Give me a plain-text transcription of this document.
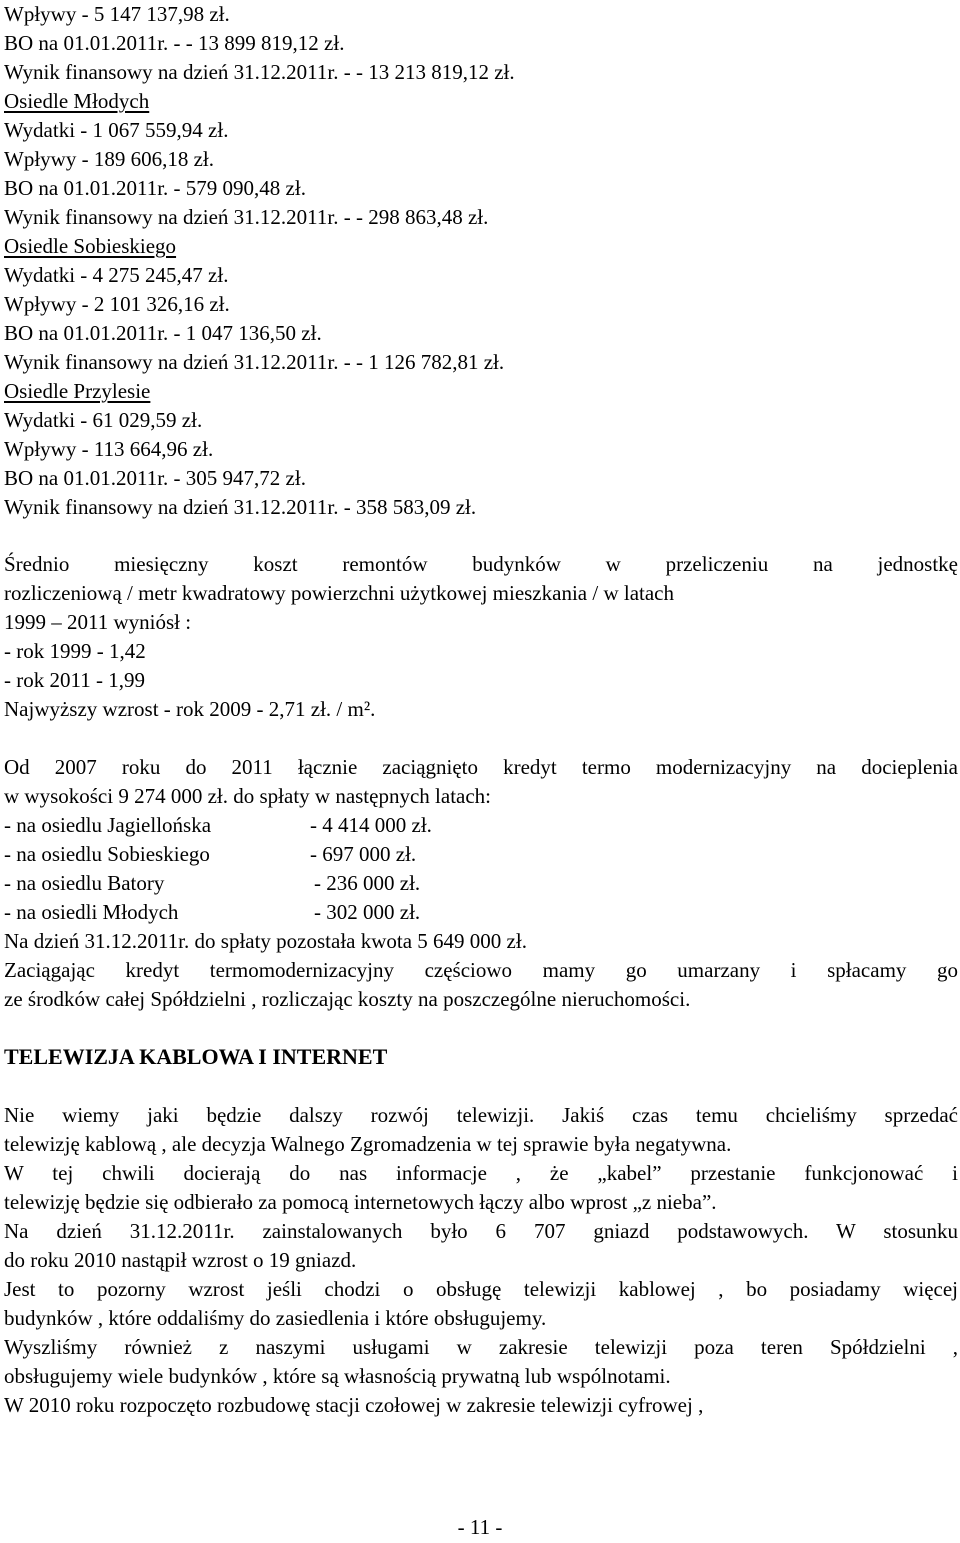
Wpływy - 5 147 137,98 zł.
BO na 01.01.2011r. - - 13 899 819,12 zł.
Wynik finansowy na dzień 31.12.2011r. - - 13 213 819,12 zł.
Osiedle Młodych
Wydatki - 1 067 559,94 zł.
Wpływy - 189 606,18 zł.
BO na 01.01.2011r. - 579 090,48 zł.
Wynik finansowy na dzień 31.12.2011r. - - 298 863,48 zł.
Osiedle Sobieskiego
Wydatki - 4 275 245,47 zł.
Wpływy - 2 101 326,16 zł.
BO na 01.01.2011r. - 1 047 136,50 zł.
Wynik finansowy na dzień 31.12.2011r. - - 1 126 782,81 zł.
Osiedle Przylesie
Wydatki - 61 029,59 zł.
Wpływy - 113 664,96 zł.
BO na 01.01.2011r. - 305 947,72 zł.
Wynik finansowy na dzień 31.12.2011r. - 358 583,09 zł.
Średnio miesięczny koszt remontów budynków w przeliczeniu na jednostkę
rozliczeniową / metr kwadratowy powierzchni użytkowej mieszkania / w latach
1999 – 2011 wyniósł :
- rok 1999 - 1,42
- rok 2011 - 1,99
Najwyższy wzrost - rok 2009 - 2,71 zł. / m².
Od 2007 roku do 2011 łącznie zaciągnięto kredyt termo modernizacyjny na docieplenia
w wysokości 9 274 000 zł. do spłaty w następnych latach:
- na osiedlu Jagiellońska	- 4 414 000 zł.
- na osiedlu Sobieskiego	- 697 000 zł.
- na osiedlu Batory	- 236 000 zł.
- na osiedli Młodych	- 302 000 zł.
Na dzień 31.12.2011r. do spłaty pozostała kwota 5 649 000 zł.
Zaciągając kredyt termomodernizacyjny częściowo mamy go umarzany i spłacamy go
ze środków całej Spółdzielni , rozliczając koszty na poszczególne nieruchomości.
TELEWIZJA KABLOWA I INTERNET
Nie wiemy jaki będzie dalszy rozwój telewizji. Jakiś czas temu chcieliśmy sprzedać
telewizję kablową , ale decyzja Walnego Zgromadzenia w tej sprawie była negatywna.
W tej chwili docierają do nas informacje , że „kabel” przestanie funkcjonować i
telewizję będzie się odbierało za pomocą internetowych łączy albo wprost „z nieba”.
Na dzień 31.12.2011r. zainstalowanych było 6 707 gniazd podstawowych. W stosunku
do roku 2010 nastąpił wzrost o 19 gniazd.
Jest to pozorny wzrost jeśli chodzi o obsługę telewizji kablowej , bo posiadamy więcej
budynków , które oddaliśmy do zasiedlenia i które obsługujemy.
Wyszliśmy również z naszymi usługami w zakresie telewizji poza teren Spółdzielni ,
obsługujemy wiele budynków , które są własnością prywatną lub wspólnotami.
W 2010 roku rozpoczęto rozbudowę stacji czołowej w zakresie telewizji cyfrowej ,
- 11 -
